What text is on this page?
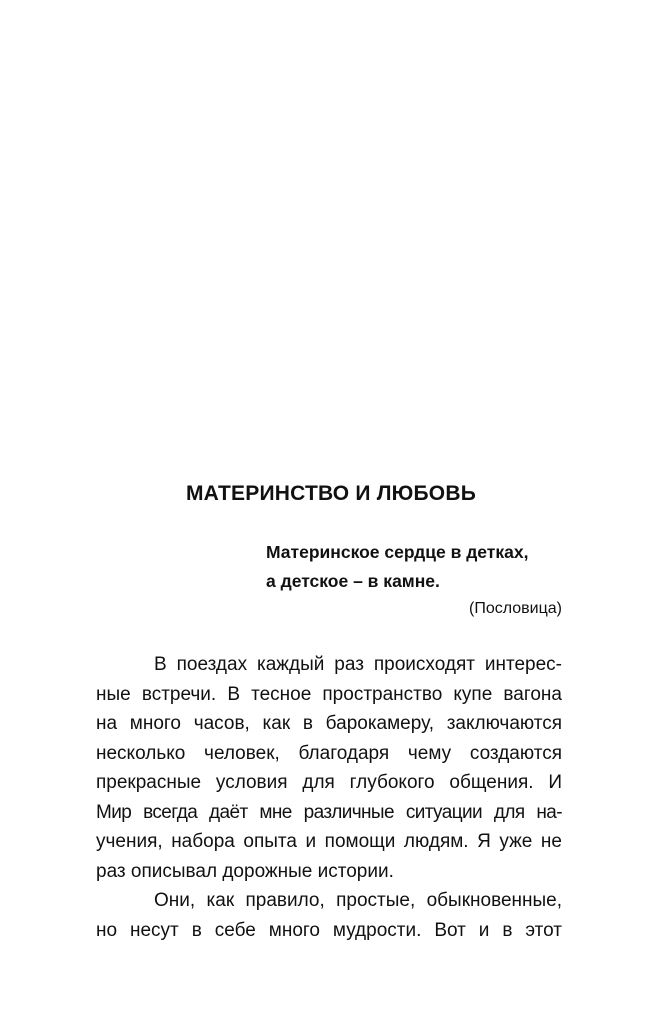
МАТЕРИНСТВО И ЛЮБОВЬ
Материнское сердце в детках,
а детское – в камне.
(Пословица)
В поездах каждый раз происходят интерес-
ные встречи. В тесное пространство купе вагона
на много часов, как в барокамеру, заключаются
несколько человек, благодаря чему создаются
прекрасные условия для глубокого общения. И
Мир всегда даёт мне различные ситуации для на-
учения, набора опыта и помощи людям. Я уже не
раз описывал дорожные истории.
Они, как правило, простые, обыкновенные,
но несут в себе много мудрости. Вот и в этот
